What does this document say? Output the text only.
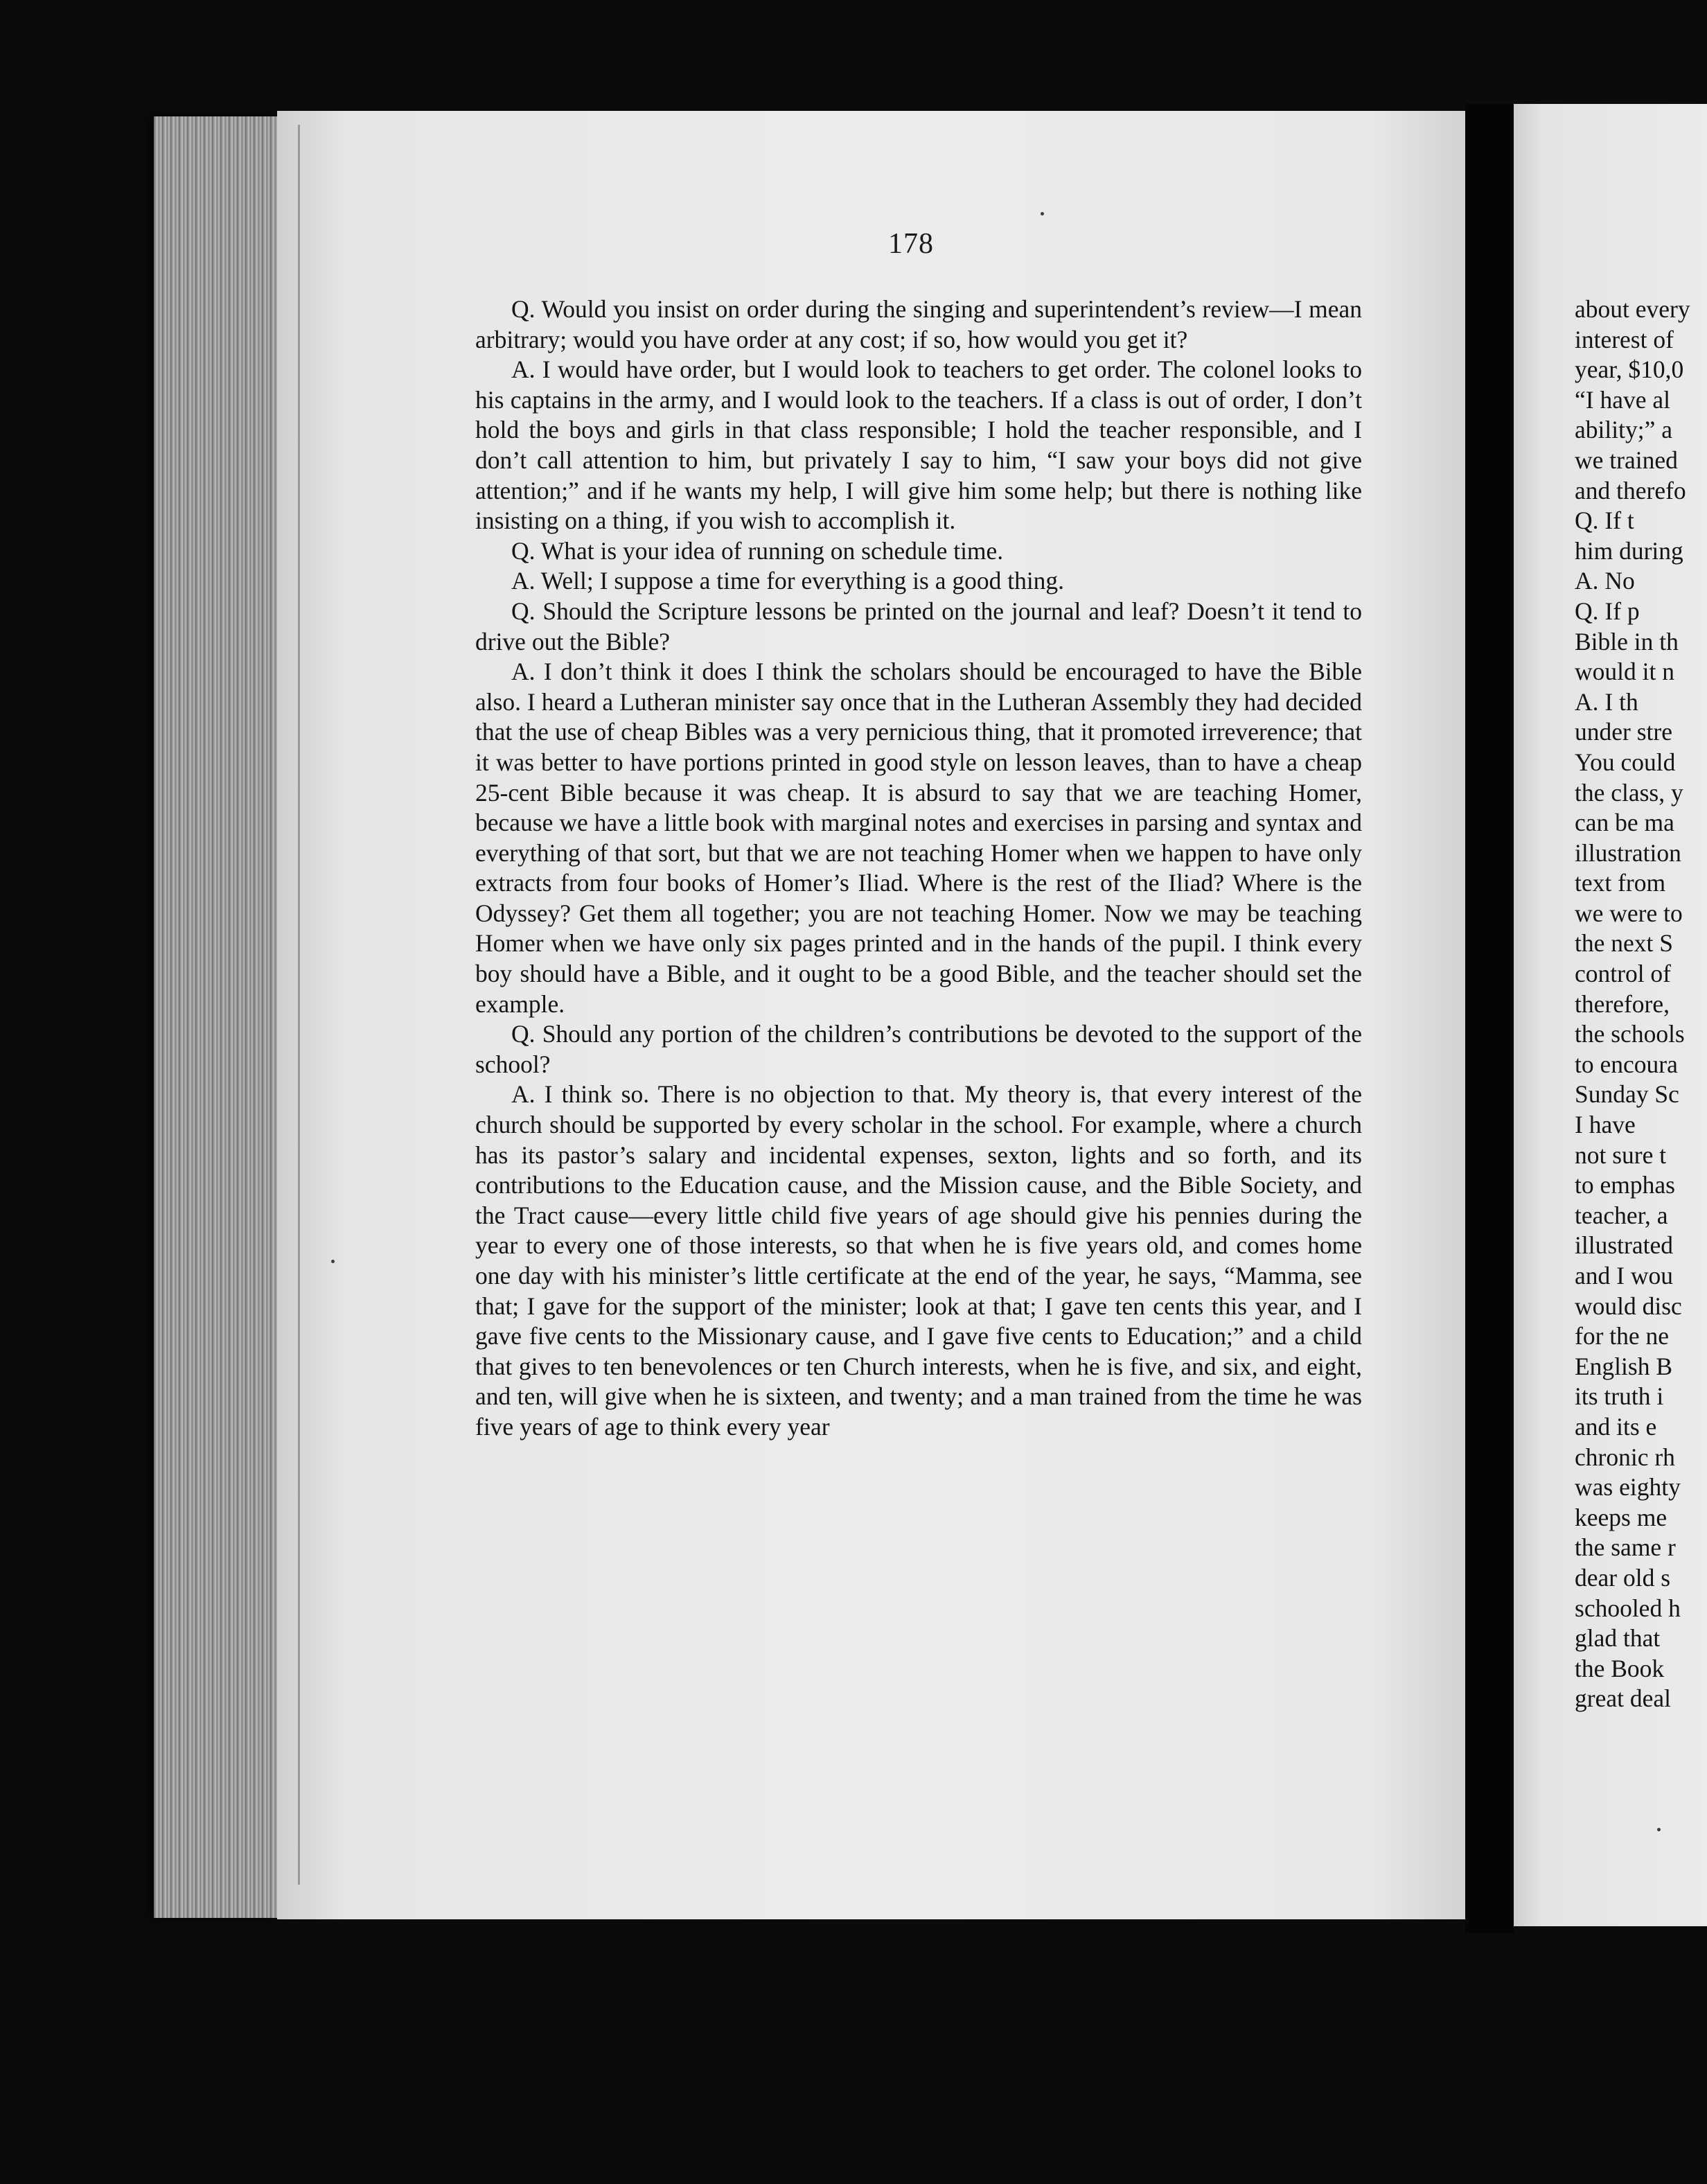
178

Q. Would you insist on order during the singing and superintendent’s review—I mean arbitrary; would you have order at any cost; if so, how would you get it?

A. I would have order, but I would look to teachers to get order. The colonel looks to his captains in the army, and I would look to the teachers. If a class is out of order, I don’t hold the boys and girls in that class responsible; I hold the teacher responsible, and I don’t call attention to him, but privately I say to him, “I saw your boys did not give attention;” and if he wants my help, I will give him some help; but there is nothing like insisting on a thing, if you wish to accomplish it.

Q. What is your idea of running on schedule time.

A. Well; I suppose a time for everything is a good thing.

Q. Should the Scripture lessons be printed on the journal and leaf? Doesn’t it tend to drive out the Bible?

A. I don’t think it does I think the scholars should be encouraged to have the Bible also. I heard a Lutheran minister say once that in the Lutheran Assembly they had decided that the use of cheap Bibles was a very pernicious thing, that it promoted irreverence; that it was better to have portions printed in good style on lesson leaves, than to have a cheap 25-cent Bible because it was cheap. It is absurd to say that we are teaching Homer, because we have a little book with marginal notes and exercises in parsing and syntax and everything of that sort, but that we are not teaching Homer when we happen to have only extracts from four books of Homer’s Iliad. Where is the rest of the Iliad? Where is the Odyssey? Get them all together; you are not teaching Homer. Now we may be teaching Homer when we have only six pages printed and in the hands of the pupil. I think every boy should have a Bible, and it ought to be a good Bible, and the teacher should set the example.

Q. Should any portion of the children’s contributions be devoted to the support of the school?

A. I think so. There is no objection to that. My theory is, that every interest of the church should be supported by every scholar in the school. For example, where a church has its pastor’s salary and incidental expenses, sexton, lights and so forth, and its contributions to the Education cause, and the Mission cause, and the Bible Society, and the Tract cause—every little child five years of age should give his pennies during the year to every one of those interests, so that when he is five years old, and comes home one day with his minister’s little certificate at the end of the year, he says, “Mamma, see that; I gave for the support of the minister; look at that; I gave ten cents this year, and I gave five cents to the Missionary cause, and I gave five cents to Education;” and a child that gives to ten benevolences or ten Church interests, when he is five, and six, and eight, and ten, will give when he is sixteen, and twenty; and a man trained from the time he was five years of age to think every year

about every
interest of
year, $10,0
“I have al
ability;” a
we trained
and therefo
Q. If t
him during
A. No
Q. If p
Bible in th
would it n
A. I th
under stre
You could
the class, y
can be ma
illustration
text from
we were to
the next S
control of
therefore,
the schools
to encoura
Sunday Sc
I have
not sure t
to emphas
teacher, a
illustrated
and I wou
would disc
for the ne
English B
its truth i
and its e
chronic rh
was eighty
keeps me
the same r
dear old s
schooled h
glad that
the Book
great deal
